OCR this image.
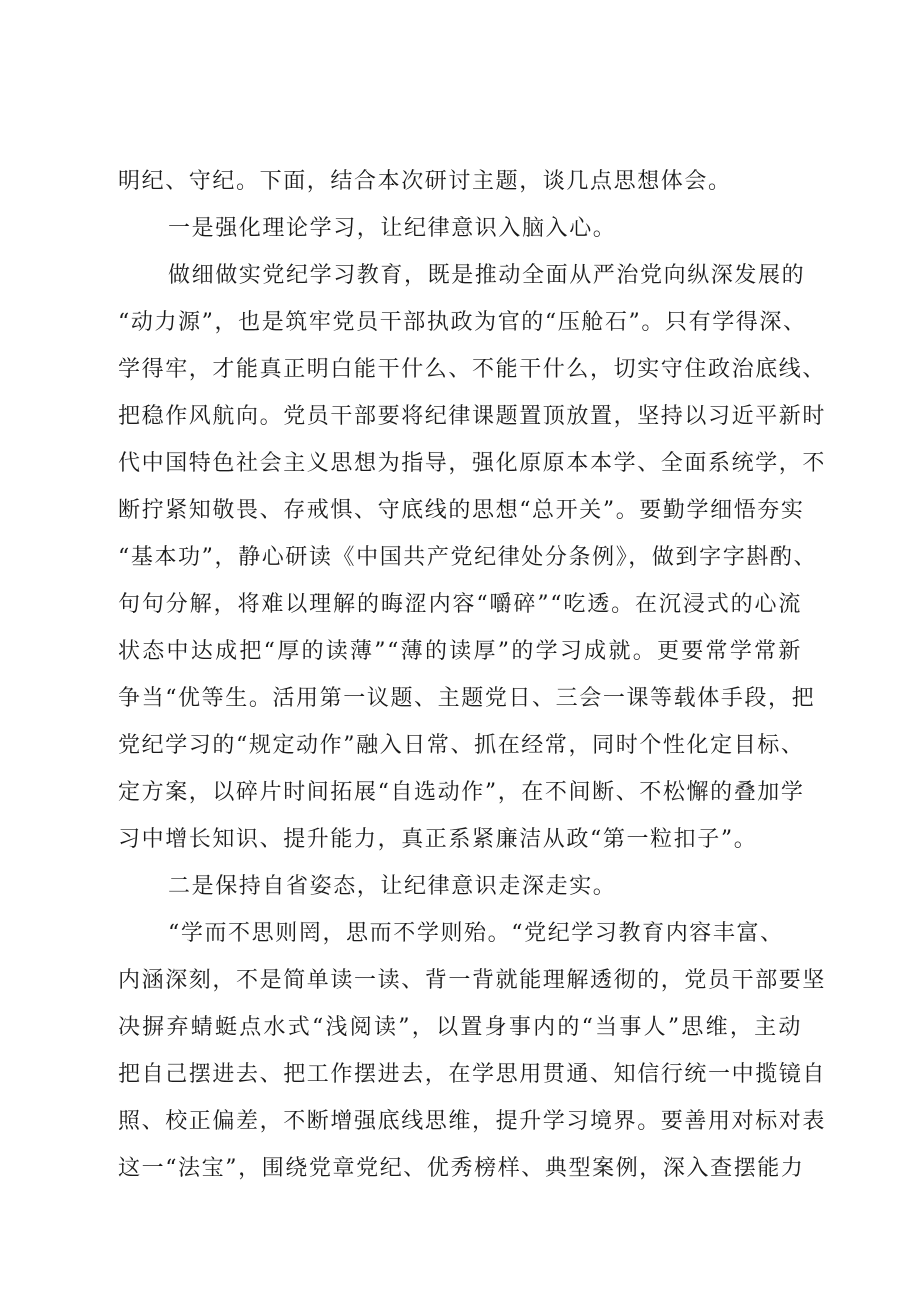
明纪、守纪。下面，结合本次研讨主题，谈几点思想体会。
一是强化理论学习，让纪律意识入脑入心。
做细做实党纪学习教育，既是推动全面从严治党向纵深发展的
“动力源”，也是筑牢党员干部执政为官的“压舱石”。只有学得深、
学得牢，才能真正明白能干什么、不能干什么，切实守住政治底线、
把稳作风航向。党员干部要将纪律课题置顶放置，坚持以习近平新时
代中国特色社会主义思想为指导，强化原原本本学、全面系统学，不
断拧紧知敬畏、存戒惧、守底线的思想“总开关”。要勤学细悟夯实
“基本功”，静心研读《中国共产党纪律处分条例》，做到字字斟酌、
句句分解，将难以理解的晦涩内容“嚼碎”“吃透。在沉浸式的心流
状态中达成把“厚的读薄”“薄的读厚”的学习成就。更要常学常新
争当“优等生。活用第一议题、主题党日、三会一课等载体手段，把
党纪学习的“规定动作”融入日常、抓在经常，同时个性化定目标、
定方案，以碎片时间拓展“自选动作”，在不间断、不松懈的叠加学
习中增长知识、提升能力，真正系紧廉洁从政“第一粒扣子”。
二是保持自省姿态，让纪律意识走深走实。
“学而不思则罔，思而不学则殆。“党纪学习教育内容丰富、
内涵深刻，不是简单读一读、背一背就能理解透彻的，党员干部要坚
决摒弃蜻蜓点水式“浅阅读”，以置身事内的“当事人”思维，主动
把自己摆进去、把工作摆进去，在学思用贯通、知信行统一中揽镜自
照、校正偏差，不断增强底线思维，提升学习境界。要善用对标对表
这一“法宝”，围绕党章党纪、优秀榜样、典型案例，深入查摆能力
